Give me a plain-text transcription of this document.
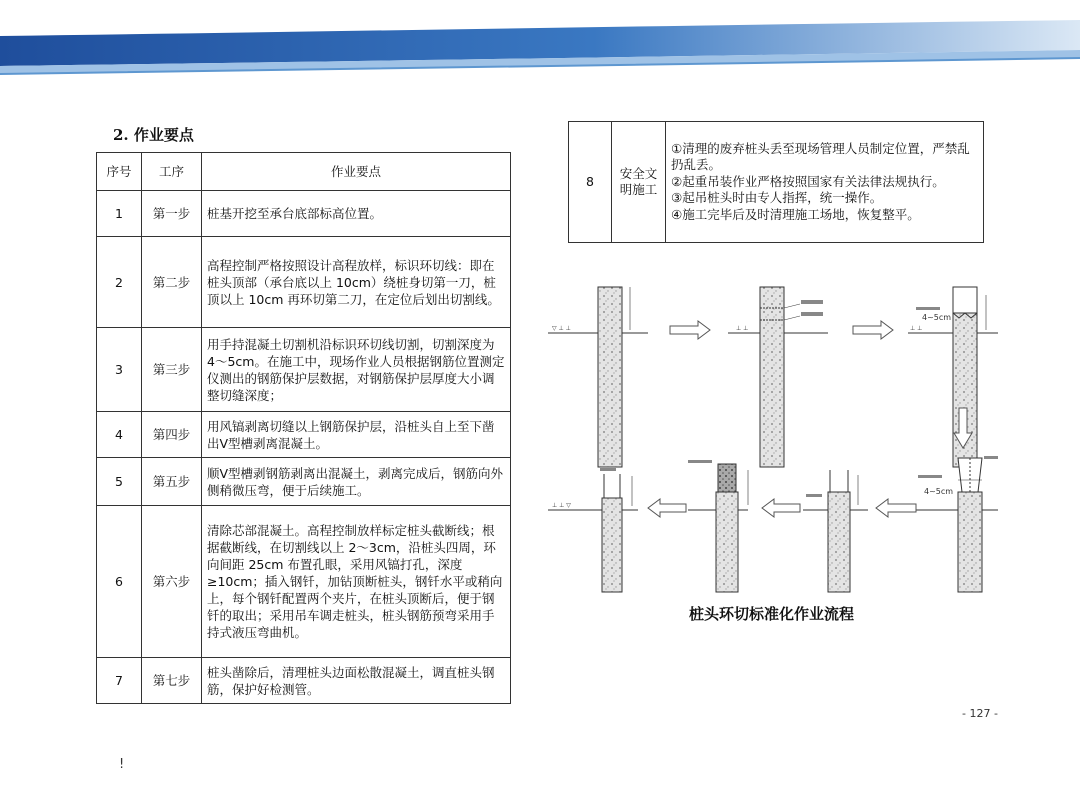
2. 作业要点
序号	工序	作业要点
1	第一步	桩基开挖至承台底部标高位置。
2	第二步	高程控制严格按照设计高程放样，标识环切线：即在桩头顶部（承台底以上 10cm）绕桩身切第一刀，桩顶以上 10cm 再环切第二刀，在定位后划出切割线。
3	第三步	用手持混凝土切割机沿标识环切线切割，切割深度为 4～5cm。在施工中，现场作业人员根据钢筋位置测定仪测出的钢筋保护层数据，对钢筋保护层厚度大小调整切缝深度；
4	第四步	用风镐剥离切缝以上钢筋保护层，沿桩头自上至下凿出Ⅴ型槽剥离混凝土。
5	第五步	顺Ⅴ型槽剥钢筋剥离出混凝土，剥离完成后，钢筋向外侧稍微压弯，便于后续施工。
6	第六步	清除芯部混凝土。高程控制放样标定桩头截断线；根据截断线，在切割线以上 2～3cm，沿桩头四周，环向间距 25cm 布置孔眼，采用风镐打孔，深度≥10cm；插入钢钎，加钻顶断桩头，钢钎水平或稍向上，每个钢钎配置两个夹片，在桩头顶断后，便于钢钎的取出；采用吊车调走桩头，桩头钢筋预弯采用手持式液压弯曲机。
7	第七步	桩头凿除后，清理桩头边面松散混凝土，调直桩头钢筋，保护好检测管。
8	安全文明施工	
①清理的废弃桩头丢至现场管理人员制定位置，严禁乱扔乱丢。
②起重吊装作业严格按照国家有关法律法规执行。
③起吊桩头时由专人指挥，统一操作。
④施工完毕后及时清理施工场地，恢复整平。
▽ ⊥ ⊥	⊥ ⊥
4~5cm
⊥ ⊥
4~5cm
⊥ ⊥ ▽
桩头环切标准化作业流程
- 127 -
!
